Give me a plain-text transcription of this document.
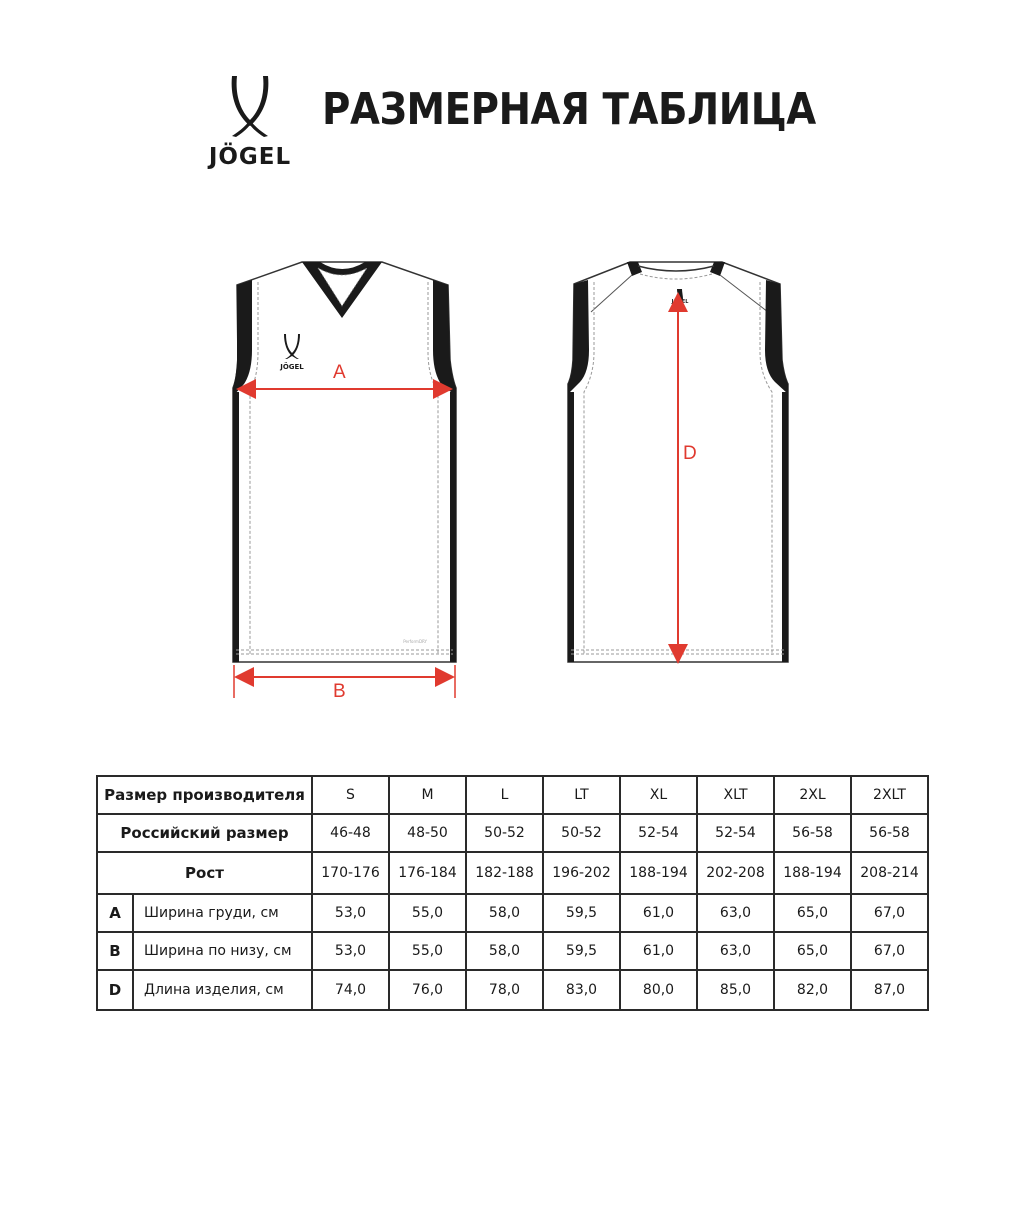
JÖGEL
РАЗМЕРНАЯ ТАБЛИЦА
JÖGEL
PerformDRY
JÖGEL
A
B
D
Размер производителя		S	M	L	LT	XL	XLT	2XL	2XLT
Российский размер		46-48	48-50	50-52	50-52	52-54	52-54	56-58	56-58
Рост		170-176	176-184	182-188	196-202	188-194	202-208	188-194	208-214
A	Ширина груди, см	53,0	55,0	58,0	59,5	61,0	63,0	65,0	67,0
B	Ширина по низу, см	53,0	55,0	58,0	59,5	61,0	63,0	65,0	67,0
D	Длина изделия, см	74,0	76,0	78,0	83,0	80,0	85,0	82,0	87,0
